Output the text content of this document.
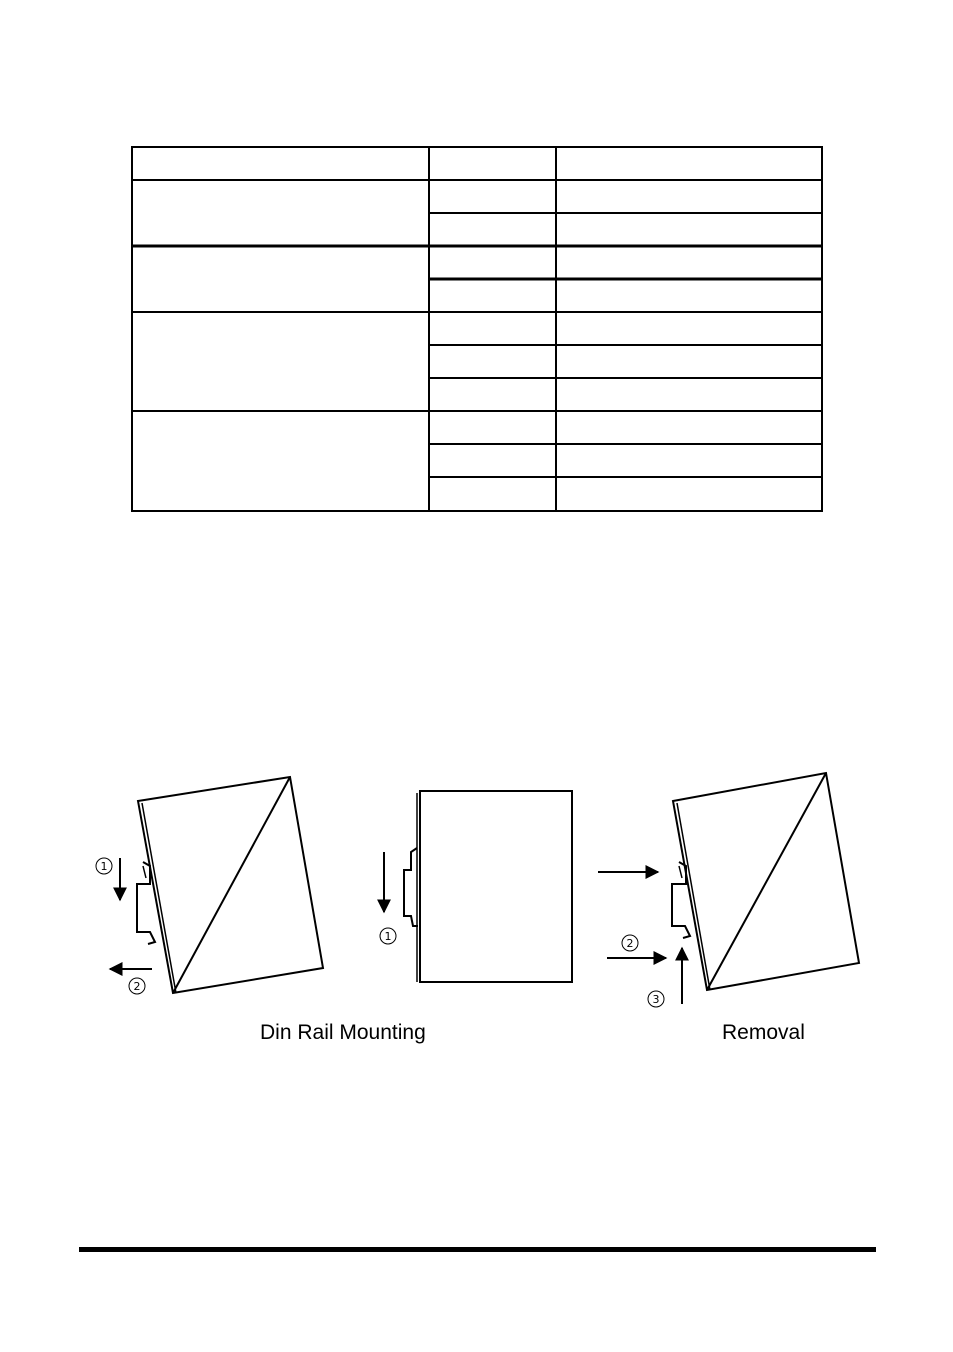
1
2
1
2
3
Din Rail Mounting	Removal
